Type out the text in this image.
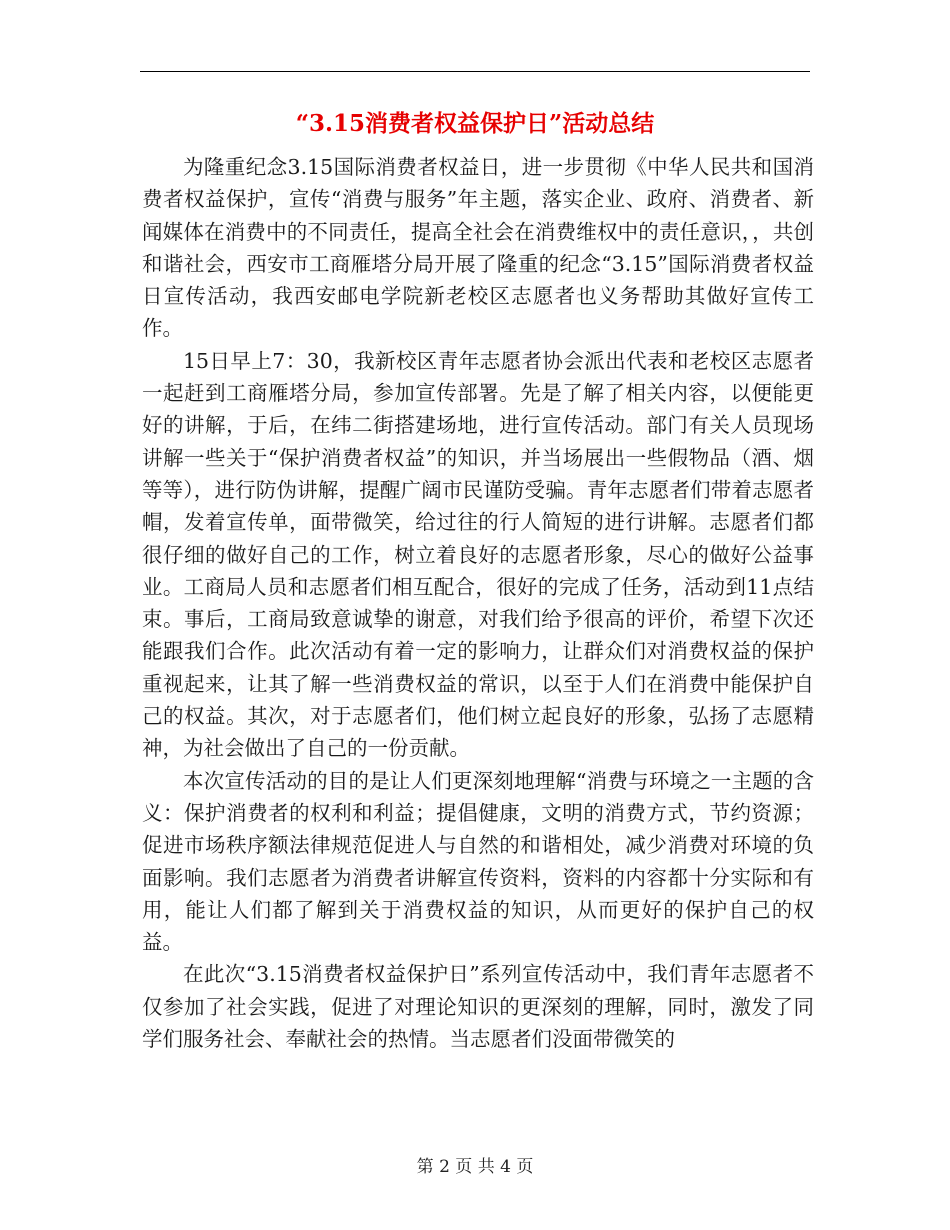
“3.15消费者权益保护日”活动总结

为隆重纪念3.15国际消费者权益日，进一步贯彻《中华人民共和国消费者权益保护，宣传“消费与服务”年主题，落实企业、政府、消费者、新闻媒体在消费中的不同责任，提高全社会在消费维权中的责任意识，，共创和谐社会，西安市工商雁塔分局开展了隆重的纪念“3.15”国际消费者权益日宣传活动，我西安邮电学院新老校区志愿者也义务帮助其做好宣传工作。

15日早上7：30，我新校区青年志愿者协会派出代表和老校区志愿者一起赶到工商雁塔分局，参加宣传部署。先是了解了相关内容，以便能更好的讲解，于后，在纬二街搭建场地，进行宣传活动。部门有关人员现场讲解一些关于“保护消费者权益”的知识，并当场展出一些假物品（酒、烟等等），进行防伪讲解，提醒广阔市民谨防受骗。青年志愿者们带着志愿者帽，发着宣传单，面带微笑，给过往的行人简短的进行讲解。志愿者们都很仔细的做好自己的工作，树立着良好的志愿者形象，尽心的做好公益事业。工商局人员和志愿者们相互配合，很好的完成了任务，活动到11点结束。事后，工商局致意诚挚的谢意，对我们给予很高的评价，希望下次还能跟我们合作。此次活动有着一定的影响力，让群众们对消费权益的保护重视起来，让其了解一些消费权益的常识，以至于人们在消费中能保护自己的权益。其次，对于志愿者们，他们树立起良好的形象，弘扬了志愿精神，为社会做出了自己的一份贡献。

本次宣传活动的目的是让人们更深刻地理解“消费与环境之一主题的含义：保护消费者的权利和利益；提倡健康，文明的消费方式，节约资源；促进市场秩序额法律规范促进人与自然的和谐相处，减少消费对环境的负面影响。我们志愿者为消费者讲解宣传资料，资料的内容都十分实际和有用，能让人们都了解到关于消费权益的知识，从而更好的保护自己的权益。

在此次“3.15消费者权益保护日”系列宣传活动中，我们青年志愿者不仅参加了社会实践，促进了对理论知识的更深刻的理解，同时，激发了同学们服务社会、奉献社会的热情。当志愿者们没面带微笑的

第 2 页 共 4 页
